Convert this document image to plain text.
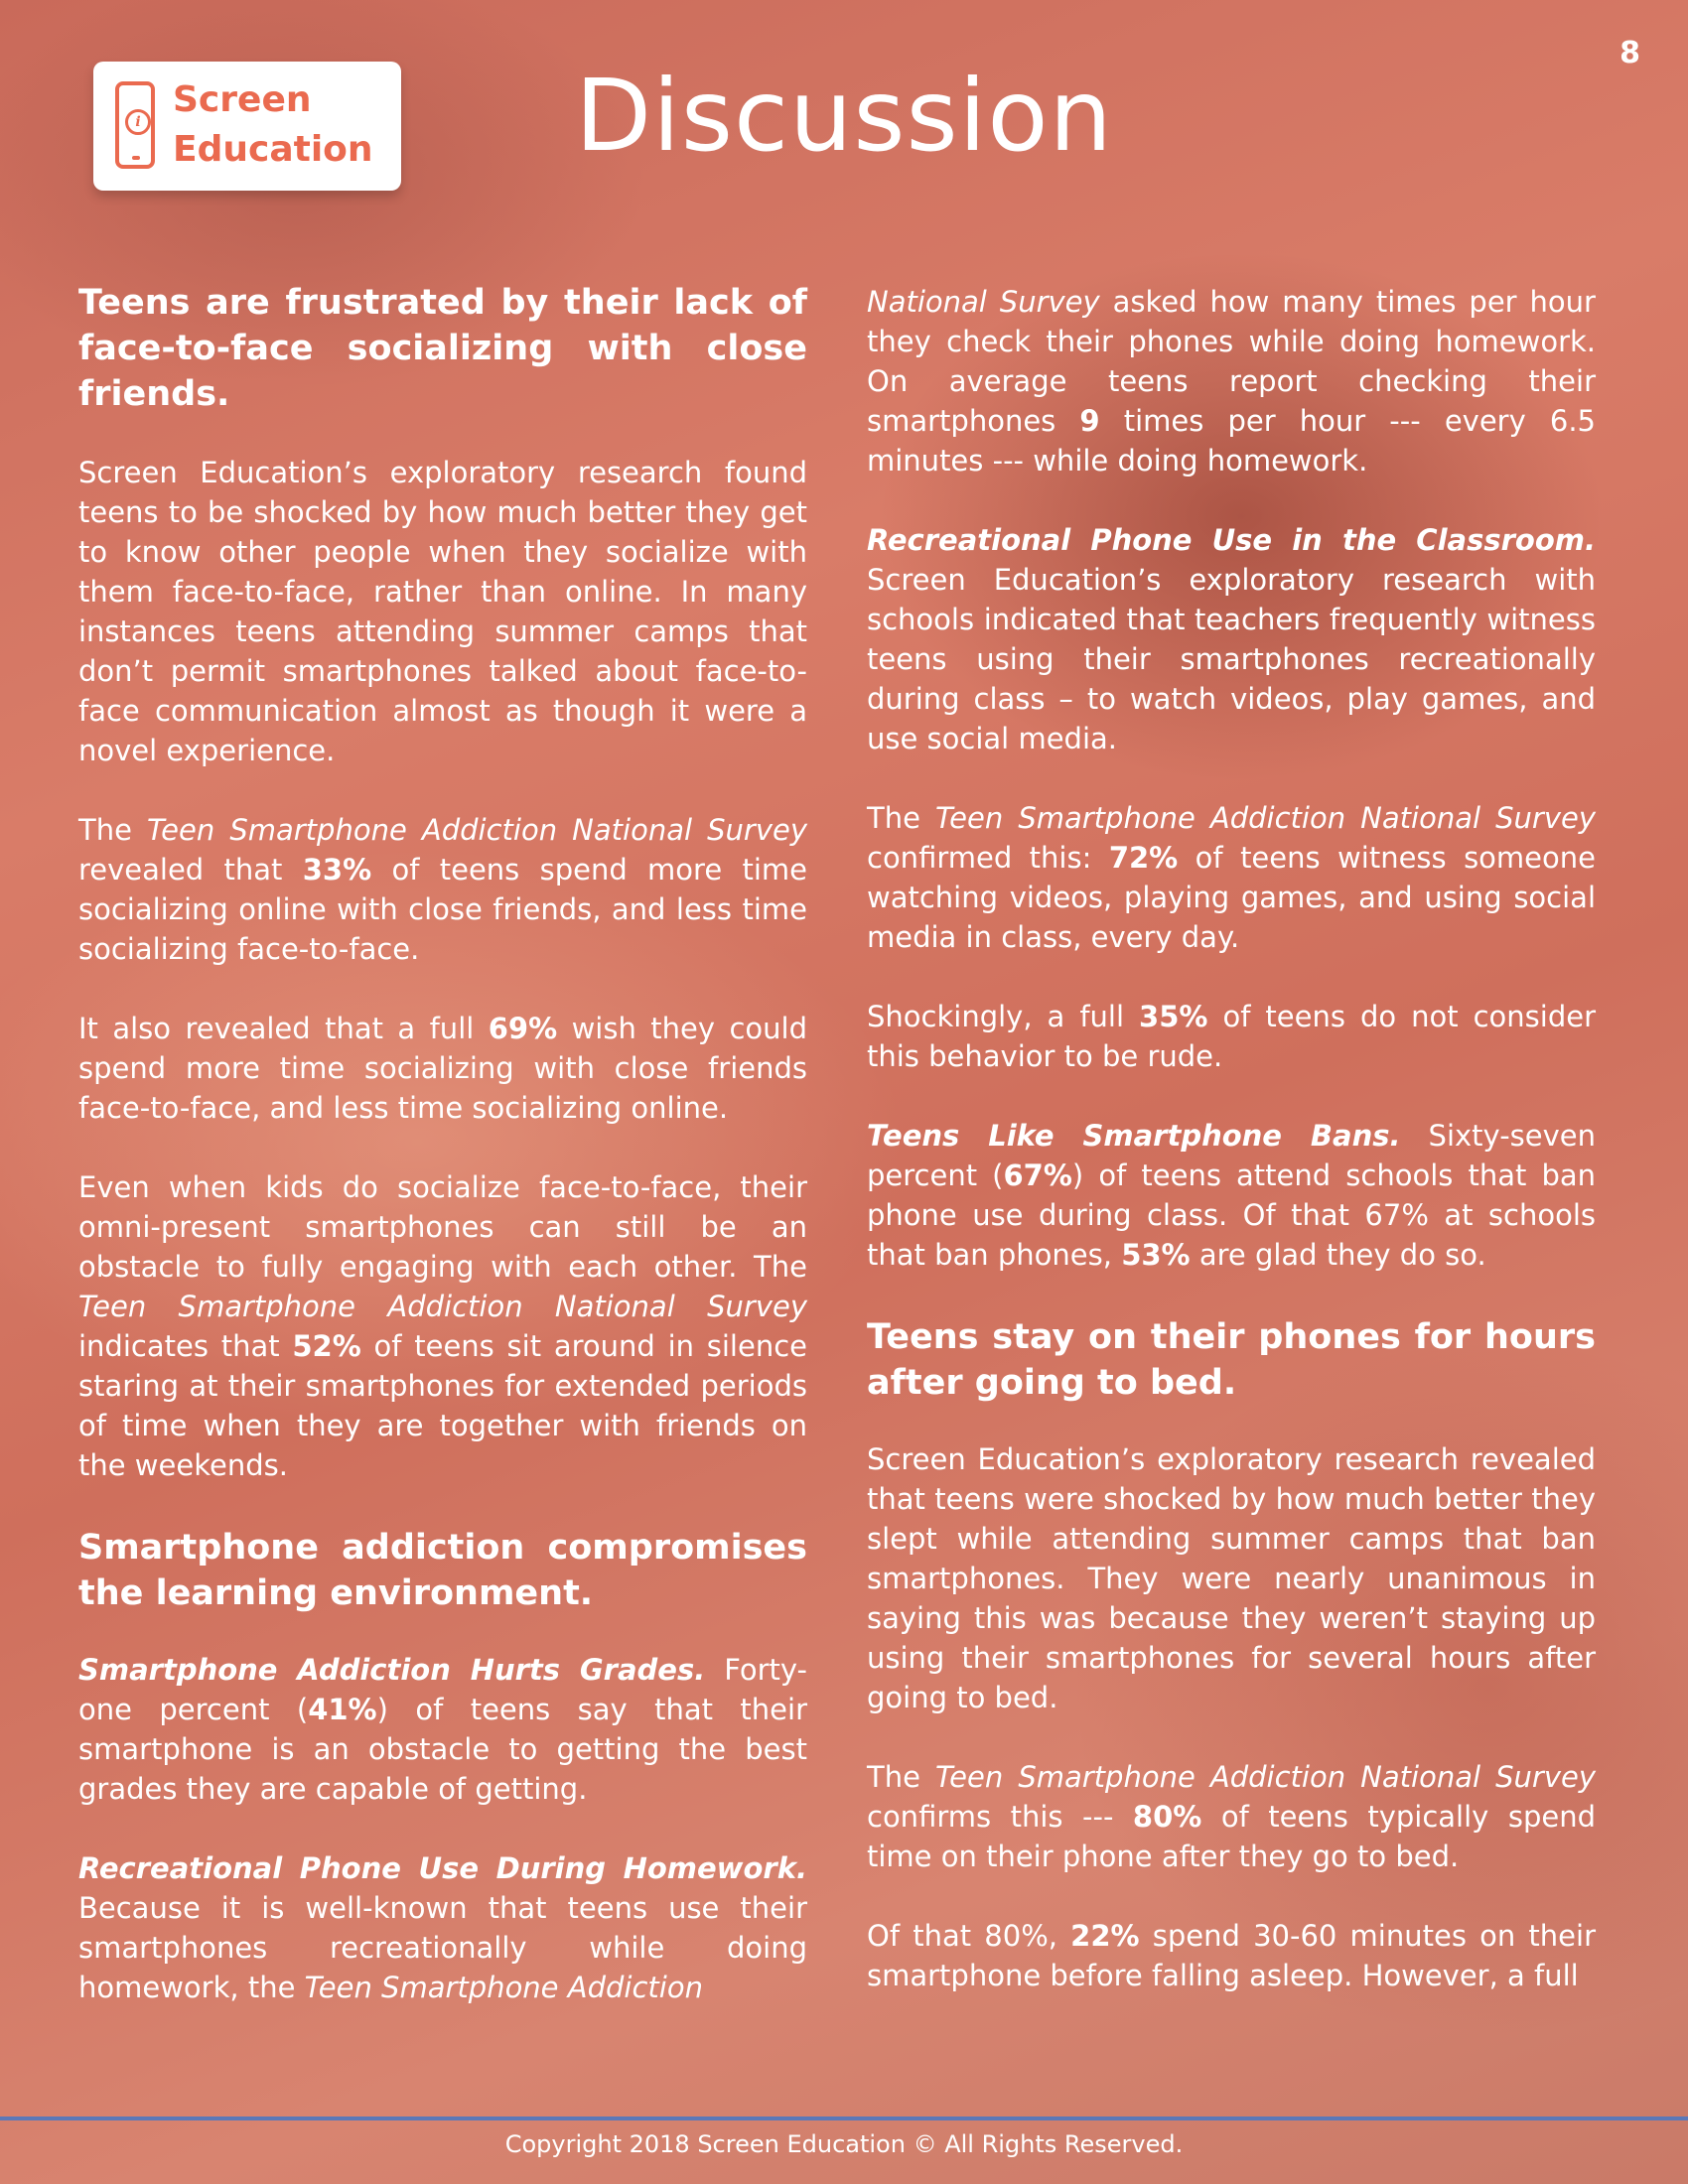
8
i
Screen
Education	Discussion
Teens are frustrated by their lack of face-to-face socializing with close friends.

Screen Education’s exploratory research found teens to be shocked by how much better they get to know other people when they socialize with them face-to-face, rather than online. In many instances teens attending summer camps that don’t permit smartphones talked about face-to-face communication almost as though it were a novel experience.

The Teen Smartphone Addiction National Survey revealed that 33% of teens spend more time socializing online with close friends, and less time socializing face-to-face.

It also revealed that a full 69% wish they could spend more time socializing with close friends face-to-face, and less time socializing online.

Even when kids do socialize face-to-face, their omni-present smartphones can still be an obstacle to fully engaging with each other. The Teen Smartphone Addiction National Survey indicates that 52% of teens sit around in silence staring at their smartphones for extended periods of time when they are together with friends on the weekends.

Smartphone addiction compromises the learning environment.

Smartphone Addiction Hurts Grades. Forty-one percent (41%) of teens say that their smartphone is an obstacle to getting the best grades they are capable of getting.

Recreational Phone Use During Homework. Because it is well-known that teens use their smartphones recreationally while doing homework, the Teen Smartphone Addiction

National Survey asked how many times per hour they check their phones while doing homework. On average teens report checking their smartphones 9 times per hour --- every 6.5 minutes --- while doing homework.

Recreational Phone Use in the Classroom. Screen Education’s exploratory research with schools indicated that teachers frequently witness teens using their smartphones recreationally during class – to watch videos, play games, and use social media.

The Teen Smartphone Addiction National Survey confirmed this: 72% of teens witness someone watching videos, playing games, and using social media in class, every day.

Shockingly, a full 35% of teens do not consider this behavior to be rude.

Teens Like Smartphone Bans. Sixty-seven percent (67%) of teens attend schools that ban phone use during class. Of that 67% at schools that ban phones, 53% are glad they do so.

Teens stay on their phones for hours after going to bed.

Screen Education’s exploratory research revealed that teens were shocked by how much better they slept while attending summer camps that ban smartphones. They were nearly unanimous in saying this was because they weren’t staying up using their smartphones for several hours after going to bed.

The Teen Smartphone Addiction National Survey confirms this --- 80% of teens typically spend time on their phone after they go to bed.

Of that 80%, 22% spend 30-60 minutes on their smartphone before falling asleep. However, a full

Copyright 2018 Screen Education © All Rights Reserved.
